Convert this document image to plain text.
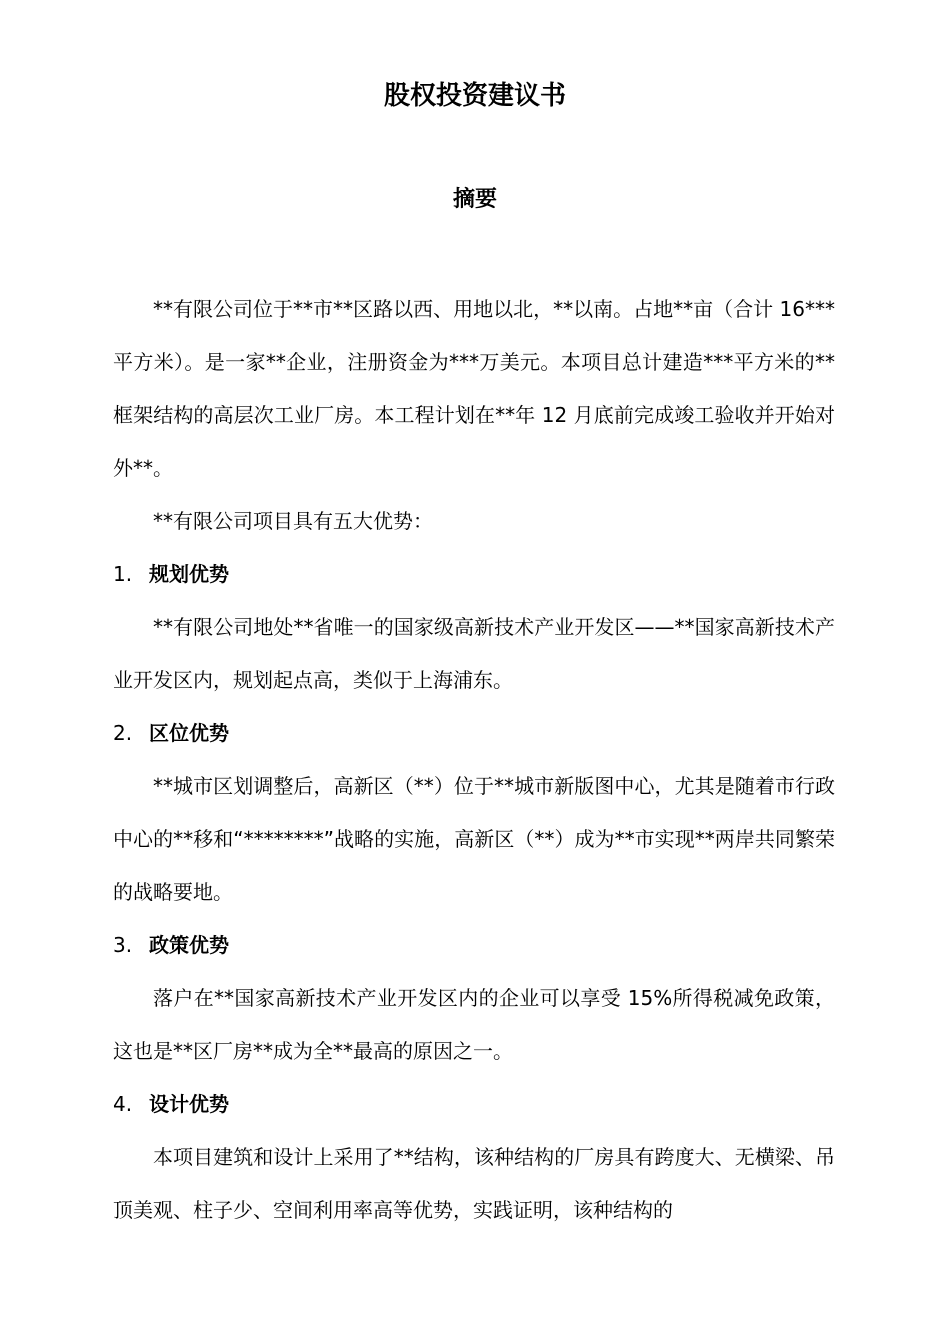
股权投资建议书
摘要

**有限公司位于**市**区路以西、用地以北，**以南。占地**亩（合计 16***平方米）。是一家**企业，注册资金为***万美元。本项目总计建造***平方米的**框架结构的高层次工业厂房。本工程计划在**年 12 月底前完成竣工验收并开始对外**。

**有限公司项目具有五大优势：

1. 规划优势

**有限公司地处**省唯一的国家级高新技术产业开发区——**国家高新技术产业开发区内，规划起点高，类似于上海浦东。

2. 区位优势

**城市区划调整后，高新区（**）位于**城市新版图中心，尤其是随着市行政中心的**移和“********”战略的实施，高新区（**）成为**市实现**两岸共同繁荣的战略要地。

3. 政策优势

落户在**国家高新技术产业开发区内的企业可以享受 15%所得税减免政策，这也是**区厂房**成为全**最高的原因之一。

4. 设计优势

本项目建筑和设计上采用了**结构，该种结构的厂房具有跨度大、无横梁、吊顶美观、柱子少、空间利用率高等优势，实践证明，该种结构的
